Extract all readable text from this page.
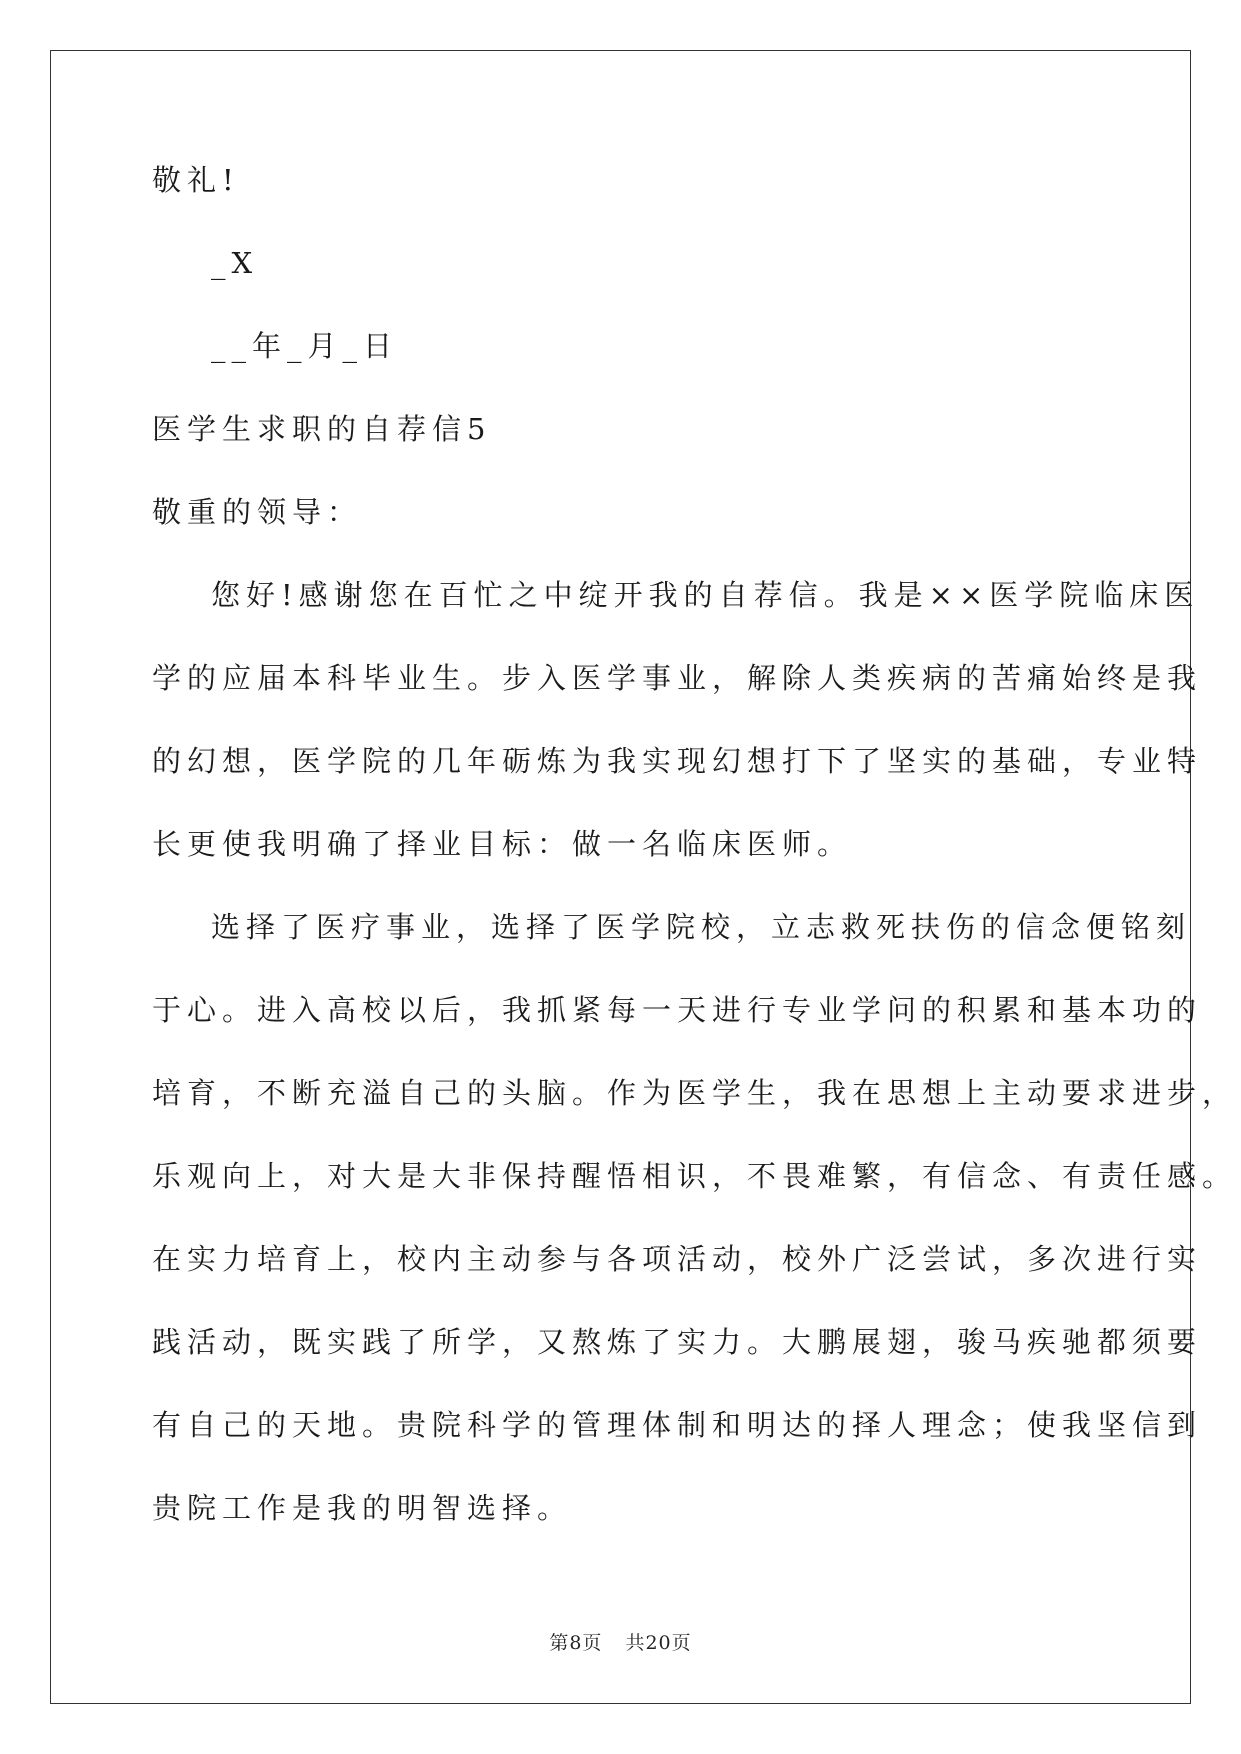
敬礼!
_X
__年_月_日
医学生求职的自荐信5
敬重的领导：
您好!感谢您在百忙之中绽开我的自荐信。我是××医学院临床医
学的应届本科毕业生。步入医学事业，解除人类疾病的苦痛始终是我
的幻想，医学院的几年砺炼为我实现幻想打下了坚实的基础，专业特
长更使我明确了择业目标：做一名临床医师。
选择了医疗事业，选择了医学院校，立志救死扶伤的信念便铭刻
于心。进入高校以后，我抓紧每一天进行专业学问的积累和基本功的
培育，不断充溢自己的头脑。作为医学生，我在思想上主动要求进步，
乐观向上，对大是大非保持醒悟相识，不畏难繁，有信念、有责任感。
在实力培育上，校内主动参与各项活动，校外广泛尝试，多次进行实
践活动，既实践了所学，又熬炼了实力。大鹏展翅，骏马疾驰都须要
有自己的天地。贵院科学的管理体制和明达的择人理念；使我坚信到
贵院工作是我的明智选择。
第8页 共20页
